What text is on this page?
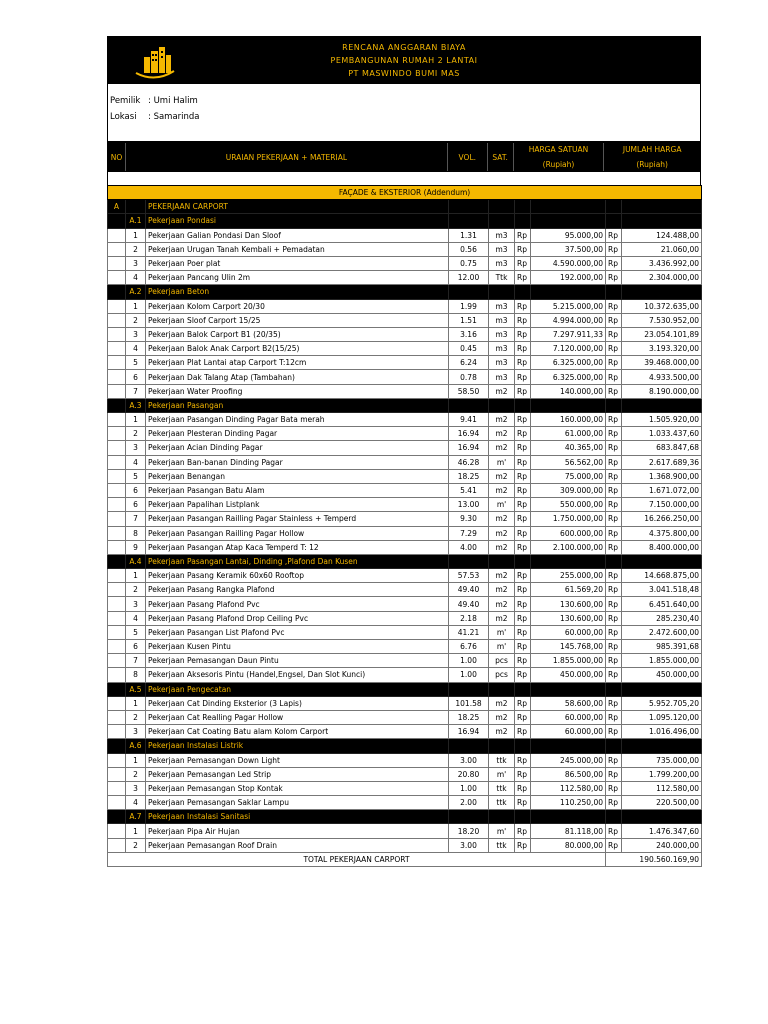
RENCANA ANGGARAN BIAYA
PEMBANGUNAN RUMAH 2 LANTAI
PT MASWINDO BUMI MAS
Pemilik : Umi Halim
Lokasi : Samarinda
NO	URAIAN PEKERJAAN + MATERIAL	VOL.	SAT.
HARGA SATUAN
(Rupiah)
JUMLAH HARGA
(Rupiah)
FAÇADE & EKSTERIOR (Addendum)								
A		PEKERJAAN CARPORT						
	A.1	Pekerjaan Pondasi						
	1	Pekerjaan Galian Pondasi Dan Sloof	1.31	m3	Rp	95.000,00	Rp	124.488,00
	2	Pekerjaan Urugan Tanah Kembali + Pemadatan	0.56	m3	Rp	37.500,00	Rp	21.060,00
	3	Pekerjaan Poer plat	0.75	m3	Rp	4.590.000,00	Rp	3.436.992,00
	4	Pekerjaan Pancang Ulin 2m	12.00	Ttk	Rp	192.000,00	Rp	2.304.000,00
	A.2	Pekerjaan Beton						
	1	Pekerjaan Kolom Carport 20/30	1.99	m3	Rp	5.215.000,00	Rp	10.372.635,00
	2	Pekerjaan Sloof Carport 15/25	1.51	m3	Rp	4.994.000,00	Rp	7.530.952,00
	3	Pekerjaan Balok Carport B1 (20/35)	3.16	m3	Rp	7.297.911,33	Rp	23.054.101,89
	4	Pekerjaan Balok Anak Carport B2(15/25)	0.45	m3	Rp	7.120.000,00	Rp	3.193.320,00
	5	Pekerjaan Plat Lantai atap Carport T:12cm	6.24	m3	Rp	6.325.000,00	Rp	39.468.000,00
	6	Pekerjaan Dak Talang Atap (Tambahan)	0.78	m3	Rp	6.325.000,00	Rp	4.933.500,00
	7	Pekerjaan Water Proofing	58.50	m2	Rp	140.000,00	Rp	8.190.000,00
	A.3	Pekerjaan Pasangan						
	1	Pekerjaan Pasangan Dinding Pagar Bata merah	9.41	m2	Rp	160.000,00	Rp	1.505.920,00
	2	Pekerjaan Plesteran Dinding Pagar	16.94	m2	Rp	61.000,00	Rp	1.033.437,60
	3	Pekerjaan Acian Dinding Pagar	16.94	m2	Rp	40.365,00	Rp	683.847,68
	4	Pekerjaan Ban-banan Dinding Pagar	46.28	m'	Rp	56.562,00	Rp	2.617.689,36
	5	Pekerjaan Benangan	18.25	m2	Rp	75.000,00	Rp	1.368.900,00
	6	Pekerjaan Pasangan Batu Alam	5.41	m2	Rp	309.000,00	Rp	1.671.072,00
	6	Pekerjaan Papalihan Listplank	13.00	m'	Rp	550.000,00	Rp	7.150.000,00
	7	Pekerjaan Pasangan Railling Pagar Stainless + Temperd	9.30	m2	Rp	1.750.000,00	Rp	16.266.250,00
	8	Pekerjaan Pasangan Railling Pagar Hollow	7.29	m2	Rp	600.000,00	Rp	4.375.800,00
	9	Pekerjaan Pasangan Atap Kaca Temperd T: 12	4.00	m2	Rp	2.100.000,00	Rp	8.400.000,00
	A.4	Pekerjaan Pasangan Lantai, Dinding ,Plafond Dan Kusen						
	1	Pekerjaan Pasang Keramik 60x60 Rooftop	57.53	m2	Rp	255.000,00	Rp	14.668.875,00
	2	Pekerjaan Pasang Rangka Plafond	49.40	m2	Rp	61.569,20	Rp	3.041.518,48
	3	Pekerjaan Pasang Plafond Pvc	49.40	m2	Rp	130.600,00	Rp	6.451.640,00
	4	Pekerjaan Pasang Plafond Drop Ceiling Pvc	2.18	m2	Rp	130.600,00	Rp	285.230,40
	5	Pekerjaan Pasangan List Plafond Pvc	41.21	m'	Rp	60.000,00	Rp	2.472.600,00
	6	Pekerjaan Kusen Pintu	6.76	m'	Rp	145.768,00	Rp	985.391,68
	7	Pekerjaan Pemasangan Daun Pintu	1.00	pcs	Rp	1.855.000,00	Rp	1.855.000,00
	8	Pekerjaan Aksesoris Pintu (Handel,Engsel, Dan Slot Kunci)	1.00	pcs	Rp	450.000,00	Rp	450.000,00
	A.5	Pekerjaan Pengecatan						
	1	Pekerjaan Cat Dinding Eksterior (3 Lapis)	101.58	m2	Rp	58.600,00	Rp	5.952.705,20
	2	Pekerjaan Cat Realling Pagar Hollow	18.25	m2	Rp	60.000,00	Rp	1.095.120,00
	3	Pekerjaan Cat Coating Batu alam Kolom Carport	16.94	m2	Rp	60.000,00	Rp	1.016.496,00
	A.6	Pekerjaan Instalasi Listrik						
	1	Pekerjaan Pemasangan Down Light	3.00	ttk	Rp	245.000,00	Rp	735.000,00
	2	Pekerjaan Pemasangan Led Strip	20.80	m'	Rp	86.500,00	Rp	1.799.200,00
	3	Pekerjaan Pemasangan Stop Kontak	1.00	ttk	Rp	112.580,00	Rp	112.580,00
	4	Pekerjaan Pemasangan Saklar Lampu	2.00	ttk	Rp	110.250,00	Rp	220.500,00
	A.7	Pekerjaan Instalasi Sanitasi						
	1	Pekerjaan Pipa Air Hujan	18.20	m'	Rp	81.118,00	Rp	1.476.347,60
	2	Pekerjaan Pemasangan Roof Drain	3.00	ttk	Rp	80.000,00	Rp	240.000,00
TOTAL PEKERJAAN CARPORT							190.560.169,90	
